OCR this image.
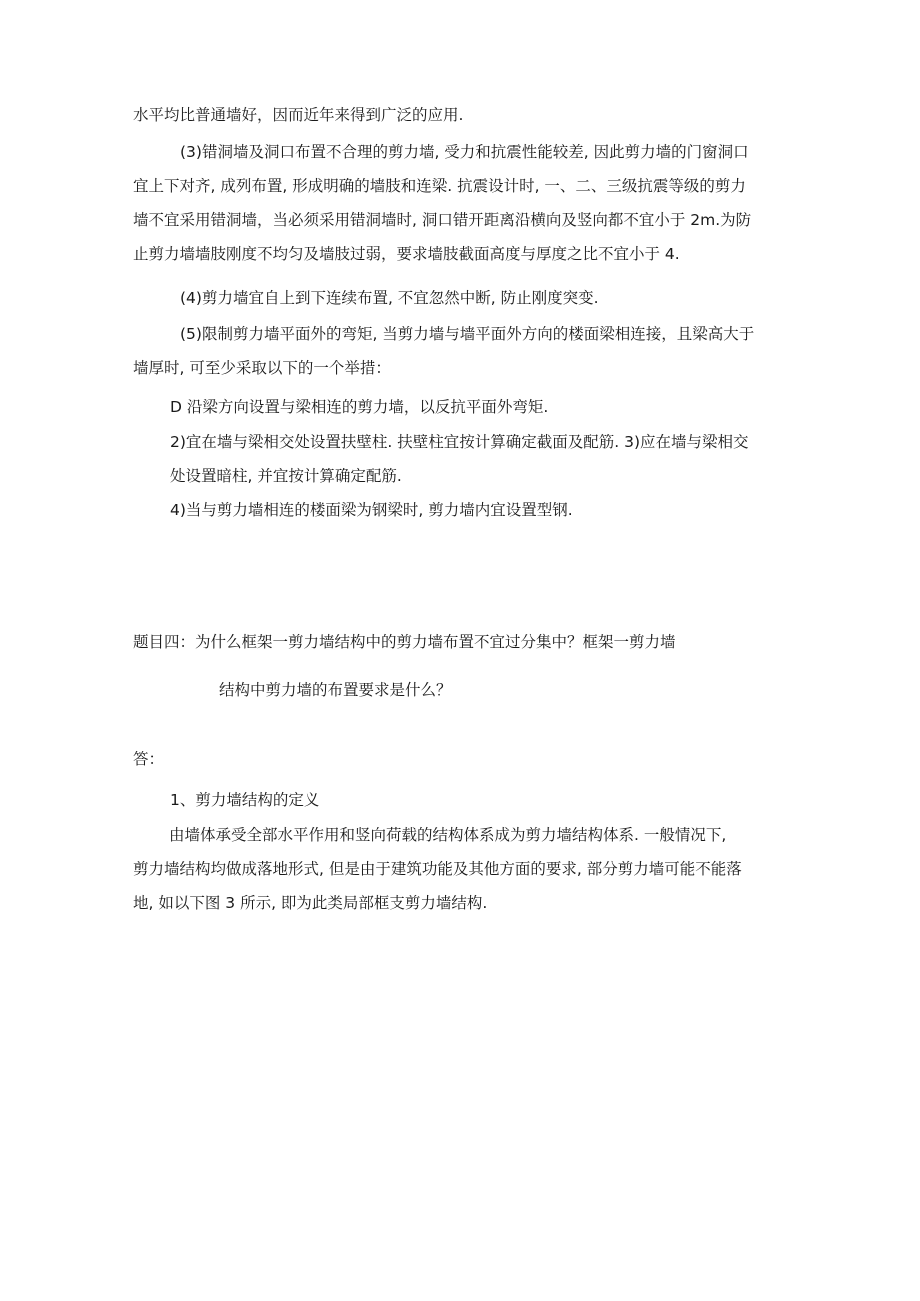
水平均比普通墙好，因而近年来得到广泛的应用.

(3)错洞墙及洞口布置不合理的剪力墙, 受力和抗震性能较差, 因此剪力墙的门窗洞口
宜上下对齐, 成列布置, 形成明确的墙肢和连梁. 抗震设计时, 一、二、三级抗震等级的剪力
墙不宜采用错洞墙，当必须采用错洞墙时, 洞口错开距离沿横向及竖向都不宜小于 2m.为防
止剪力墙墙肢刚度不均匀及墙肢过弱，要求墙肢截面高度与厚度之比不宜小于 4.

(4)剪力墙宜自上到下连续布置, 不宜忽然中断, 防止刚度突变.

(5)限制剪力墙平面外的弯矩, 当剪力墙与墙平面外方向的楼面梁相连接，且梁高大于
墙厚时, 可至少采取以下的一个举措：

D 沿梁方向设置与梁相连的剪力墙，以反抗平面外弯矩.

2)宜在墙与梁相交处设置扶壁柱. 扶壁柱宜按计算确定截面及配筋. 3)应在墙与梁相交
处设置暗柱, 并宜按计算确定配筋.

4)当与剪力墙相连的楼面梁为钢梁时, 剪力墙内宜设置型钢.

题目四：为什么框架一剪力墙结构中的剪力墙布置不宜过分集中？框架一剪力墙

结构中剪力墙的布置要求是什么？

答：

1、剪力墙结构的定义

由墙体承受全部水平作用和竖向荷载的结构体系成为剪力墙结构体系. 一般情况下,
剪力墙结构均做成落地形式, 但是由于建筑功能及其他方面的要求, 部分剪力墙可能不能落
地, 如以下图 3 所示, 即为此类局部框支剪力墙结构.
